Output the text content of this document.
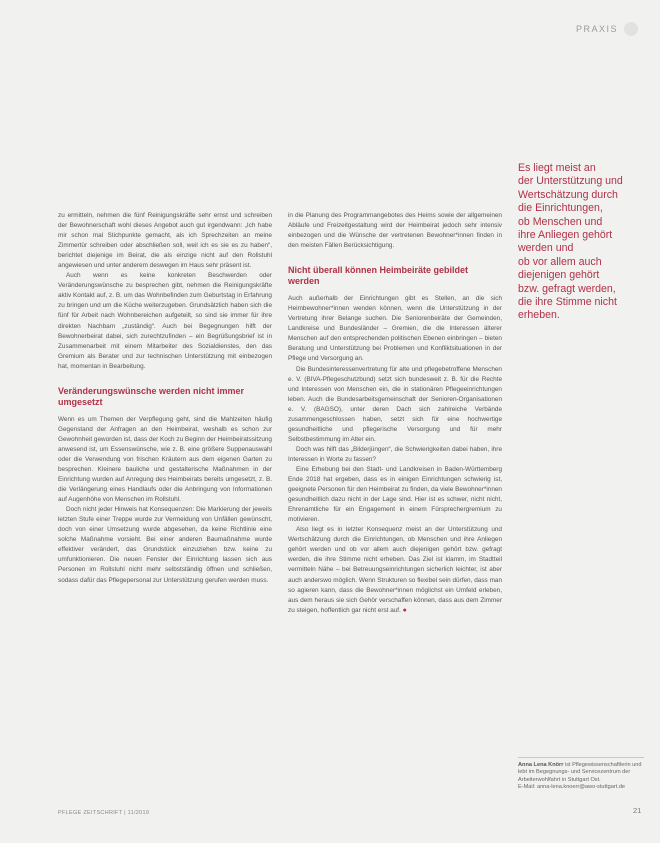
PRAXIS

zu ermitteln, nehmen die fünf Reinigungskräfte sehr ernst und schreiben der Bewohnerschaft wohl dieses Angebot auch gut irgendwann: „Ich habe mir schon mal Stichpunkte gemacht, als ich Sprechzeiten an meine Zimmertür schreiben oder abschließen soll, weil ich es sie es zu haben“, berichtet diejenige im Beirat, die als einzige nicht auf den Rollstuhl angewiesen und unter anderem deswegen im Haus sehr präsent ist.

Auch wenn es keine konkreten Beschwerden oder Veränderungswünsche zu besprechen gibt, nehmen die Reinigungskräfte aktiv Kontakt auf, z. B. um das Wohnbefinden zum Geburtstag in Erfahrung zu bringen und um die Küche weiterzugeben. Grundsätzlich haben sich die fünf für Arbeit nach Wohnbereichen aufgeteilt, so sind sie immer für ihre direkten Nachbarn „zuständig“. Auch bei Begegnungen hilft der Bewohnerbeirat dabei, sich zurechtzufinden – ein Begrüßungsbrief ist in Zusammenarbeit mit einem Mitarbeiter des Sozialdienstes, den das Gremium als Berater und zur technischen Unterstützung mit einbezogen hat, momentan in Bearbeitung.

Veränderungswünsche werden nicht immer umgesetzt

Wenn es um Themen der Verpflegung geht, sind die Mahlzeiten häufig Gegenstand der Anfragen an den Heimbeirat, weshalb es schon zur Gewohnheit geworden ist, dass der Koch zu Beginn der Heimbeiratssitzung anwesend ist, um Essenswünsche, wie z. B. eine größere Suppenauswahl oder die Verwendung von frischen Kräutern aus dem eigenen Garten zu besprechen. Kleinere bauliche und gestalterische Maßnahmen in der Einrichtung wurden auf Anregung des Heimbeirats bereits umgesetzt, z. B. die Verlängerung eines Handlaufs oder die Anbringung von Informationen auf Augenhöhe von Menschen im Rollstuhl.

Doch nicht jeder Hinweis hat Konsequenzen: Die Markierung der jeweils letzten Stufe einer Treppe wurde zur Vermeidung von Unfällen gewünscht, doch von einer Umsetzung wurde abgesehen, da keine Richtlinie eine solche Maßnahme vorsieht. Bei einer anderen Baumaßnahme wurde effektiver verändert, das Grundstück einzuziehen bzw. keine zu umfunktionieren. Die neuen Fenster der Einrichtung lassen sich aus Personen im Rollstuhl nicht mehr selbstständig öffnen und schließen, sodass dafür das Pflegepersonal zur Unterstützung gerufen werden muss.

in die Planung des Programmangebotes des Heims sowie der allgemeinen Abläufe und Freizeitgestaltung wird der Heimbeirat jedoch sehr intensiv einbezogen und die Wünsche der vertretenen Bewohner*innen finden in den meisten Fällen Berücksichtigung.

Nicht überall können Heimbeiräte gebildet werden

Auch außerhalb der Einrichtungen gibt es Stellen, an die sich Heimbewohner*innen wenden können, wenn die Unterstützung in der Vertretung ihrer Belange suchen. Die Seniorenbeiräte der Gemeinden, Landkreise und Bundesländer – Gremien, die die Interessen älterer Menschen auf den entsprechenden politischen Ebenen einbringen – bieten Beratung und Unterstützung bei Problemen und Konfliktsituationen in der Pflege und Versorgung an.

Die Bundesinteressenvertretung für alte und pflegebetroffene Menschen e. V. (BIVA-Pflegeschutzbund) setzt sich bundesweit z. B. für die Rechte und Interessen von Menschen ein, die in stationären Pflegeeinrichtungen leben. Auch die Bundesarbeitsgemeinschaft der Senioren-Organisationen e. V. (BAGSO), unter deren Dach sich zahlreiche Verbände zusammengeschlossen haben, setzt sich für eine hochwertige gesundheitliche und pflegerische Versorgung und für mehr Selbstbestimmung im Alter ein.

Doch was hilft das „Bilderjüngen“, die Schwierigkeiten dabei haben, ihre Interessen in Worte zu fassen?

Eine Erhebung bei den Stadt- und Landkreisen in Baden-Württemberg Ende 2018 hat ergeben, dass es in einigen Einrichtungen schwierig ist, geeignete Personen für den Heimbeirat zu finden, da viele Bewohner*innen gesundheitlich dazu nicht in der Lage sind. Hier ist es schwer, nicht nicht, Ehrenamtliche für ein Engagement in einem Fürsprechergremium zu motivieren.

Also liegt es in letzter Konsequenz meist an der Unterstützung und Wertschätzung durch die Einrichtungen, ob Menschen und ihre Anliegen gehört werden und ob vor allem auch diejenigen gehört bzw. gefragt werden, die ihre Stimme nicht erheben. Das Ziel ist klamm, im Stadtteil vermitteln Nähe – bei Betreuungseinrichtungen sicherlich leichter, ist aber auch anderswo möglich. Wenn Strukturen so flexibel sein dürfen, dass man so agieren kann, dass die Bewohner*innen möglichst ein Umfeld erleben, aus dem heraus sie sich Gehör verschaffen können, dass aus dem Zimmer zu steigen, hoffentlich gar nicht erst auf. ●

Es liegt meist an
der Unterstützung und
Wertschätzung durch
die Einrichtungen,
ob Menschen und
ihre Anliegen gehört
werden und
ob vor allem auch
diejenigen gehört
bzw. gefragt werden,
die ihre Stimme nicht
erheben.
Anna Lena Knörr ist Pflegewissenschaftlerin und lebt im Begegnungs- und Servicezentrum der Arbeiterwohlfahrt in Stuttgart Ost.
E-Mail: anna-lena.knoerr@awo-stuttgart.de
PFLEGE ZEITSCHRIFT | 11/2019	21
